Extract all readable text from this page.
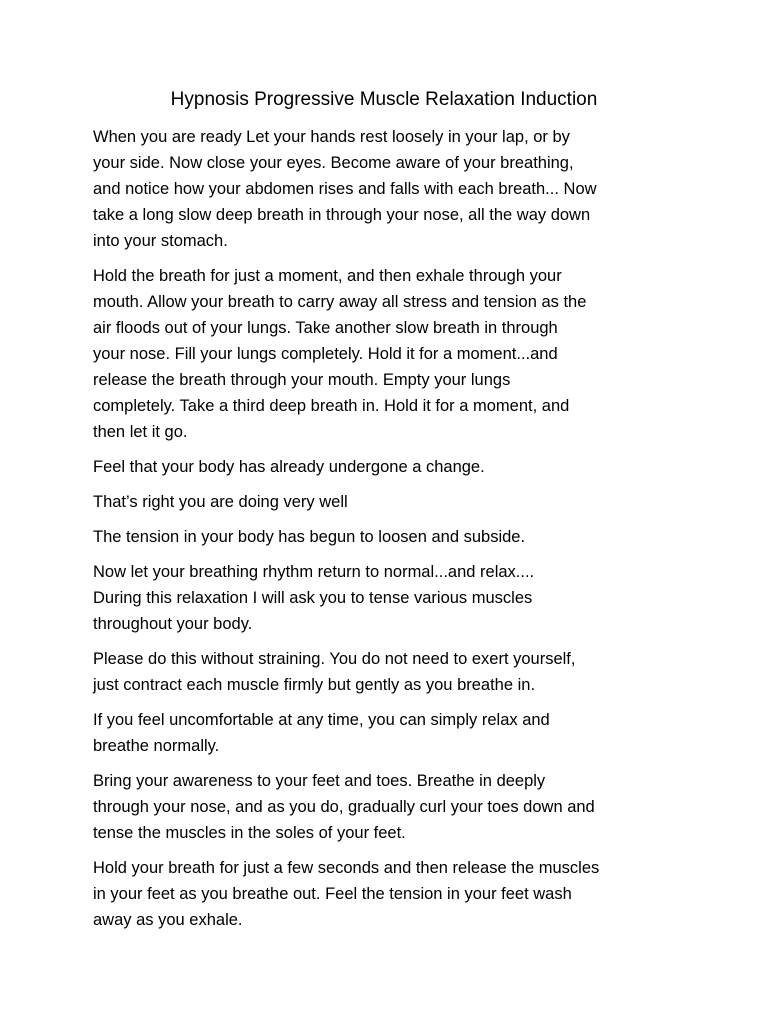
Hypnosis Progressive Muscle Relaxation Induction

When you are ready Let your hands rest loosely in your lap, or by
your side. Now close your eyes. Become aware of your breathing,
and notice how your abdomen rises and falls with each breath... Now
take a long slow deep breath in through your nose, all the way down
into your stomach.

Hold the breath for just a moment, and then exhale through your
mouth. Allow your breath to carry away all stress and tension as the
air floods out of your lungs. Take another slow breath in through
your nose. Fill your lungs completely. Hold it for a moment...and
release the breath through your mouth. Empty your lungs
completely. Take a third deep breath in. Hold it for a moment, and
then let it go.

Feel that your body has already undergone a change.

That’s right you are doing very well

The tension in your body has begun to loosen and subside.

Now let your breathing rhythm return to normal...and relax....
During this relaxation I will ask you to tense various muscles
throughout your body.

Please do this without straining. You do not need to exert yourself,
just contract each muscle firmly but gently as you breathe in.

If you feel uncomfortable at any time, you can simply relax and
breathe normally.

Bring your awareness to your feet and toes. Breathe in deeply
through your nose, and as you do, gradually curl your toes down and
tense the muscles in the soles of your feet.

Hold your breath for just a few seconds and then release the muscles
in your feet as you breathe out. Feel the tension in your feet wash
away as you exhale.
